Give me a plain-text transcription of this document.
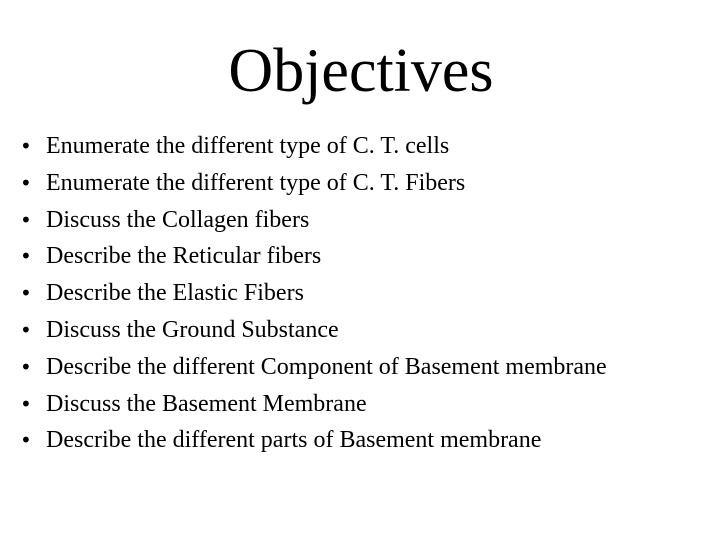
Objectives
• Enumerate the different type of C. T. cells
• Enumerate the different type of C. T. Fibers
• Discuss the Collagen fibers
• Describe the Reticular fibers
• Describe the Elastic Fibers
• Discuss the Ground Substance
• Describe the different Component of Basement membrane
• Discuss the Basement Membrane
• Describe the different parts of Basement membrane
